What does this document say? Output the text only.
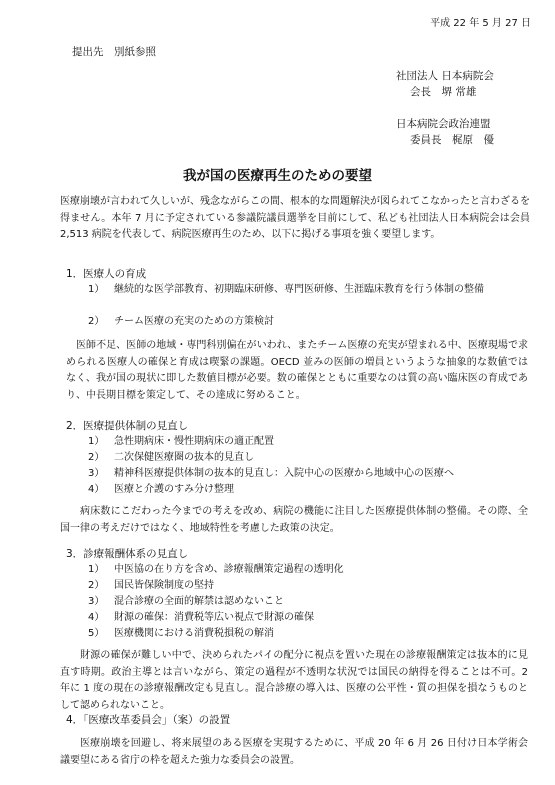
平成 22 年 5 月 27 日
提出先　別紙参照
社団法人 日本病院会
会長　堺 常雄
日本病院会政治連盟
委員長　梶原　優
我が国の医療再生のための要望
医療崩壊が言われて久しいが、残念ながらこの間、根本的な問題解決が図られてこなかったと言わざるを得ません。本年 7 月に予定されている参議院議員選挙を目前にして、私ども社団法人日本病院会は会員 2,513 病院を代表して、病院医療再生のため、以下に掲げる事項を強く要望します。
1．医療人の育成
1） 継続的な医学部教育、初期臨床研修、専門医研修、生涯臨床教育を行う体制の整備
2） チーム医療の充実のための方策検討
医師不足、医師の地域・専門科別偏在がいわれ、またチーム医療の充実が望まれる中、医療現場で求められる医療人の確保と育成は喫緊の課題。OECD 並みの医師の増員というような抽象的な数値ではなく、我が国の現状に即した数値目標が必要。数の確保とともに重要なのは質の高い臨床医の育成であり、中長期目標を策定して、その達成に努めること。
2．医療提供体制の見直し
1） 急性期病床・慢性期病床の適正配置
2） 二次保健医療圏の抜本的見直し
3） 精神科医療提供体制の抜本的見直し：入院中心の医療から地域中心の医療へ
4） 医療と介護のすみ分け整理
病床数にこだわった今までの考えを改め、病院の機能に注目した医療提供体制の整備。その際、全国一律の考えだけではなく、地域特性を考慮した政策の決定。
3．診療報酬体系の見直し
1） 中医協の在り方を含め、診療報酬策定過程の透明化
2） 国民皆保険制度の堅持
3） 混合診療の全面的解禁は認めないこと
4） 財源の確保：消費税等広い視点で財源の確保
5） 医療機関における消費税損税の解消
財源の確保が難しい中で、決められたパイの配分に視点を置いた現在の診療報酬策定は抜本的に見直す時期。政治主導とは言いながら、策定の過程が不透明な状況では国民の納得を得ることは不可。2 年に 1 度の現在の診療報酬改定も見直し。混合診療の導入は、医療の公平性・質の担保を損なうものとして認められないこと。
4．「医療改革委員会」（案）の設置
医療崩壊を回避し、将来展望のある医療を実現するために、平成 20 年 6 月 26 日付け日本学術会議要望にある省庁の枠を超えた強力な委員会の設置。
